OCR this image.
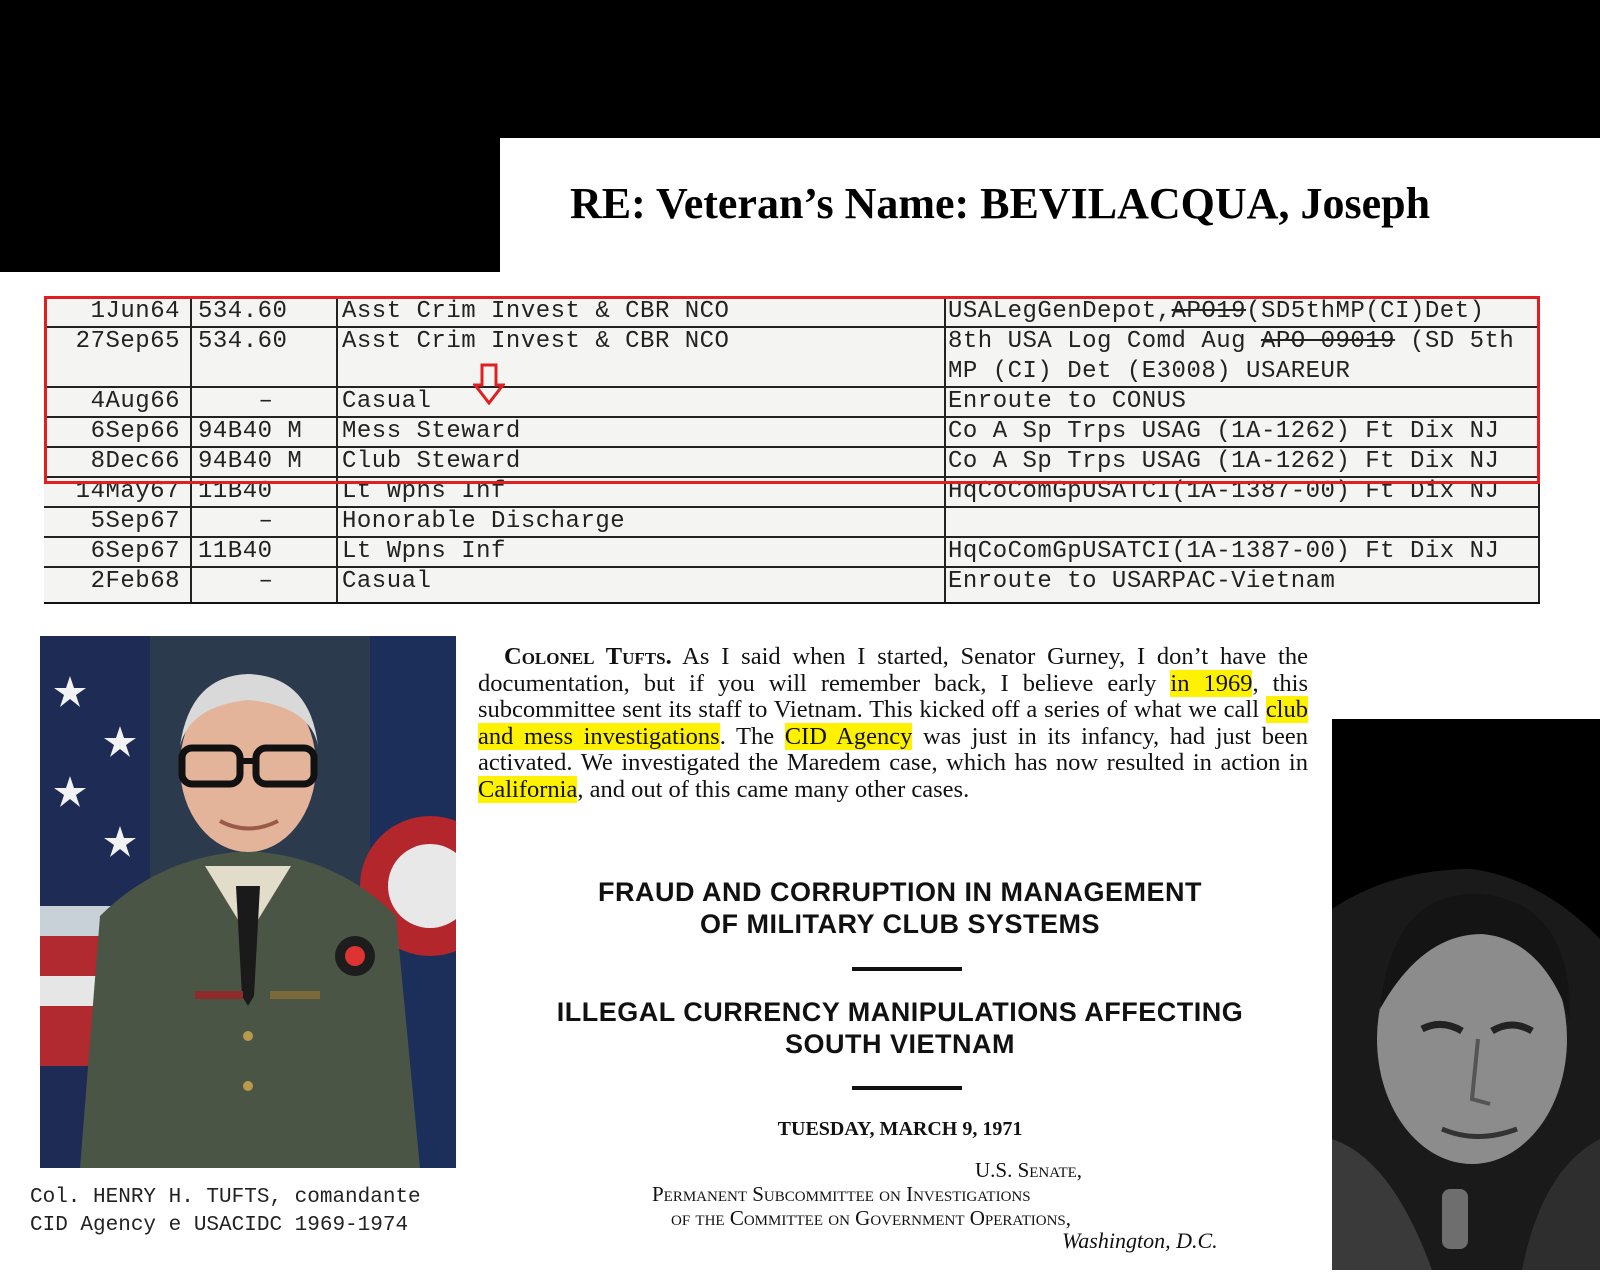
RE: Veteran’s Name: BEVILACQUA, Joseph
1Jun64 534.60	Asst Crim Invest & CBR NCO	USALegGenDepot,APO19(SD5thMP(CI)Det)
27Sep65 534.60	Asst Crim Invest & CBR NCO	8th USA Log Comd Aug APO 09019 (SD 5th
MP (CI) Det (E3008) USAREUR
4Aug66	–	Casual	Enroute to CONUS
6Sep66 94B40 M	Mess Steward	Co A Sp Trps USAG (1A-1262) Ft Dix NJ
8Dec66 94B40 M	Club Steward	Co A Sp Trps USAG (1A-1262) Ft Dix NJ
14May67 11B40	Lt Wpns Inf	HqCoComGpUSATCI(1A-1387-00) Ft Dix NJ
5Sep67	–	Honorable Discharge
6Sep67 11B40	Lt Wpns Inf	HqCoComGpUSATCI(1A-1387-00) Ft Dix NJ
2Feb68	–	Casual	Enroute to USARPAC-Vietnam
Col. HENRY H. TUFTS, comandante
CID Agency e USACIDC 1969-1974
Colonel Tufts. As I said when I started, Senator Gurney, I don’t have the documentation, but if you will remember back, I believe early in 1969, this subcommittee sent its staff to Vietnam. This kicked off a series of what we call club and mess investigations. The CID Agency was just in its infancy, had just been activated. We investigated the Maredem case, which has now resulted in action in California, and out of this came many other cases.
FRAUD AND CORRUPTION IN MANAGEMENT
OF MILITARY CLUB SYSTEMS
ILLEGAL CURRENCY MANIPULATIONS AFFECTING
SOUTH VIETNAM
TUESDAY, MARCH 9, 1971
U.S. Senate,
Permanent Subcommittee on Investigations
of the Committee on Government Operations,
Washington, D.C.
